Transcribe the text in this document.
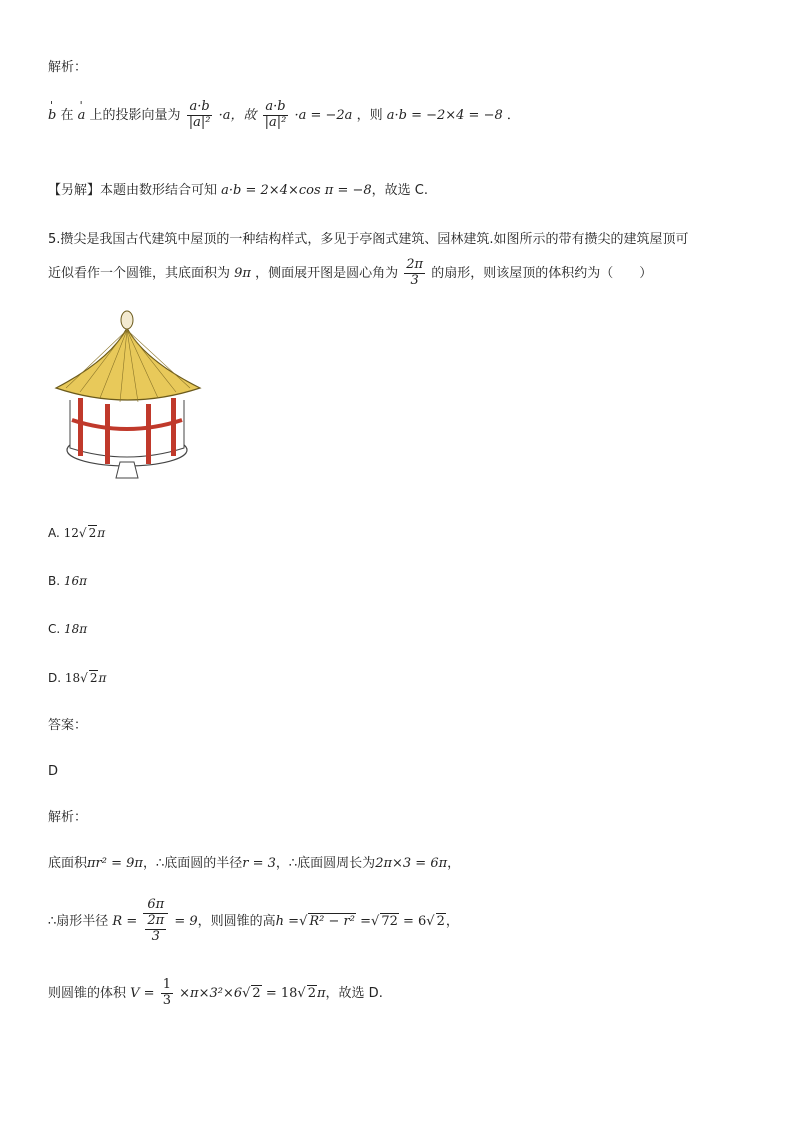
解析：
' b 在 ' a 上的投影向量为 $\frac{a\cdot b}{\text{|a|²}} \cdot a$，故 $\frac{a\cdot b}{\text{|a|²}} \cdot a = -2a$ ，则 a·b = −2×4 = −8 ．
【另解】本题由数形结合可知 a·b = 2×4×cos π = −8，故选 C.
5.攒尖是我国古代建筑中屋顶的一种结构样式，多见于亭阁式建筑、园林建筑.如图所示的带有攒尖的建筑屋顶可
近似看作一个圆锥，其底面积为 9π ，侧面展开图是圆心角为 $\frac{2\pi}{3}$ 的扇形，则该屋顶的体积约为（　　）
A. 12√ 2π
B. 16π
C. 18π
D. 18√ 2π
答案：
D
解析：
底面积πr² = 9π，∴底面圆的半径r = 3，∴底面圆周长为2π×3 = 6π，
∴扇形半径 $R = \frac{6\pi}{\frac{2\pi}{3}} = 9$，则圆锥的高h =√ R² − r² =√ 72 = 6√ 2，
则圆锥的体积 $V = \frac{1}{3} \times\pi\times 3^2\times 6√$ 2 = 18√ 2π，故选 D.
